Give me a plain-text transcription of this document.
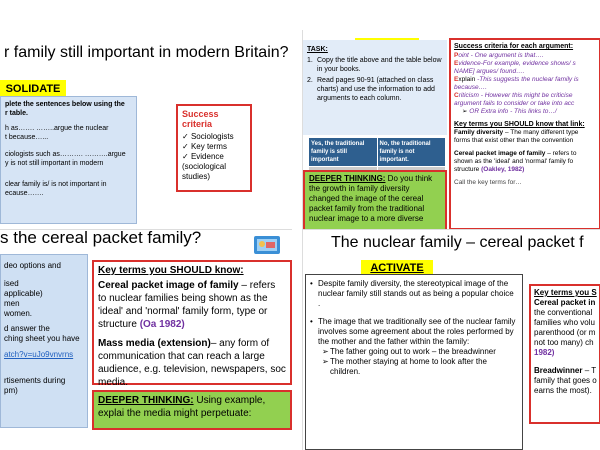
r family still important in modern Britain?
SOLIDATE
plete the sentences below using the
r table.
h as……. ……..argue the nuclear
t because…...
ciologists such as………. ……….argue
y is not still important in modern
clear family is/ is not important in
ecause…….
Success criteria
✓ Sociologists
✓ Key terms
✓ Evidence (sociological studies)
TASK:
1. Copy the title above and the table below in your books.
2. Read pages 90-91 (attached on class charts) and use the information to add arguments to each column.
Yes, the traditional family is still important
No, the traditional family is not important.
DEEPER THINKING: Do you think the growth in family diversity changed the image of the cereal packet family from the traditional nuclear image to a more diverse
Success criteria for each argument:
Point - One argument is that….
Evidence-For example, evidence shows/ s NAME] argues/ found….
Explain -This suggests the nuclear family is because….
Criticism - However this might be criticise argument fails to consider or take into acc
➢ OR Extra info - This links to…/
Key terms you SHOULD know that link:
Family diversity – The many different type forms that exist other than the convention
Cereal packet image of family – refers to shown as the 'ideal' and 'normal' family fo structure (Oakley, 1982)
Call the key terms for…
s the cereal packet family?
deo options and
ised
applicable)
men
women.
d answer the
ching sheet you have
atch?v=uJo9vnvrns
rtisements during
pm)
Key terms you SHOULD know:
Cereal packet image of family – refers to nuclear families being shown as the 'ideal' and 'normal' family form, type or structure (Oa 1982)
Mass media (extension)– any form of communication that can reach a large audience, e.g. television, newspapers, soc media.
DEEPER THINKING: Using example, explai the media might perpetuate:
The nuclear family – cereal packet f
ACTIVATE
• Despite family diversity, the stereotypical image of the nuclear family still stands out as being a popular choice .
• The image that we traditionally see of the nuclear family involves some agreement about the roles performed by the mother and the father within the family:
➢ The father going out to work – the breadwinner
➢ The mother staying at home to look after the children.
Key terms you S
Cereal packet in
the conventional
families who volu
parenthood (or m
not too many) ch
1982)
Breadwinner – T
family that goes o
earns the most).
